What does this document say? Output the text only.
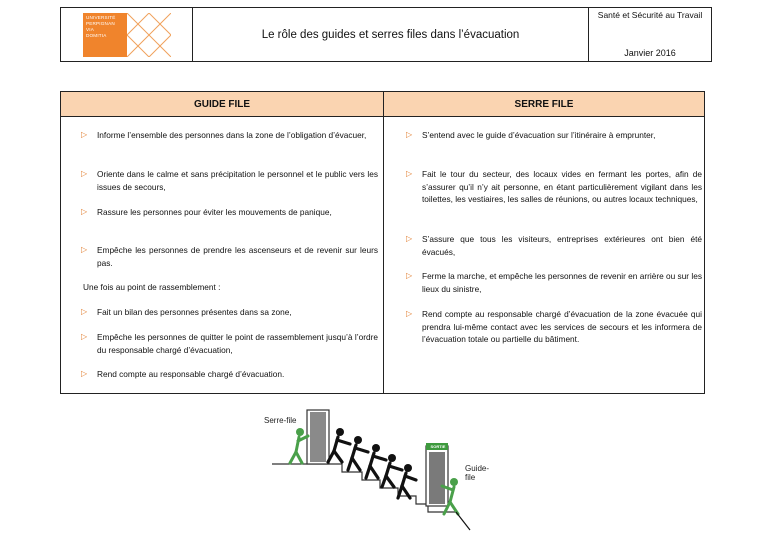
UNIVERSITÉ
PERPIGNAN
VIA
DOMITIA	Le rôle des guides et serres files dans l’évacuation
Santé et Sécurité au Travail
Janvier 2016
GUIDE FILE	SERRE FILE
▷ Informe l’ensemble des personnes dans la zone de l’obligation d’évacuer,
▷ Oriente dans le calme et sans précipitation le personnel et le public vers les issues de secours,
▷ Rassure les personnes pour éviter les mouvements de panique,
▷ Empêche les personnes de prendre les ascenseurs et de revenir sur leurs pas.
Une fois au point de rassemblement :
▷ Fait un bilan des personnes présentes dans sa zone,
▷ Empêche les personnes de quitter le point de rassemblement jusqu’à l’ordre du responsable chargé d’évacuation,
▷ Rend compte au responsable chargé d’évacuation.
▷ S’entend avec le guide d’évacuation sur l’itinéraire à emprunter,
▷ Fait le tour du secteur, des locaux vides en fermant les portes, afin de s’assurer qu’il n’y ait personne, en étant particulièrement vigilant dans les toilettes, les vestiaires, les salles de réunions, ou autres locaux techniques,
▷ S’assure que tous les visiteurs, entreprises extérieures ont bien été évacués,
▷ Ferme la marche, et empêche les personnes de revenir en arrière ou sur les lieux du sinistre,
▷ Rend compte au responsable chargé d’évacuation de la zone évacuée qui prendra lui-même contact avec les services de secours et les informera de l’évacuation totale ou partielle du bâtiment.
Serre-file
Guide-file
SORTIE
